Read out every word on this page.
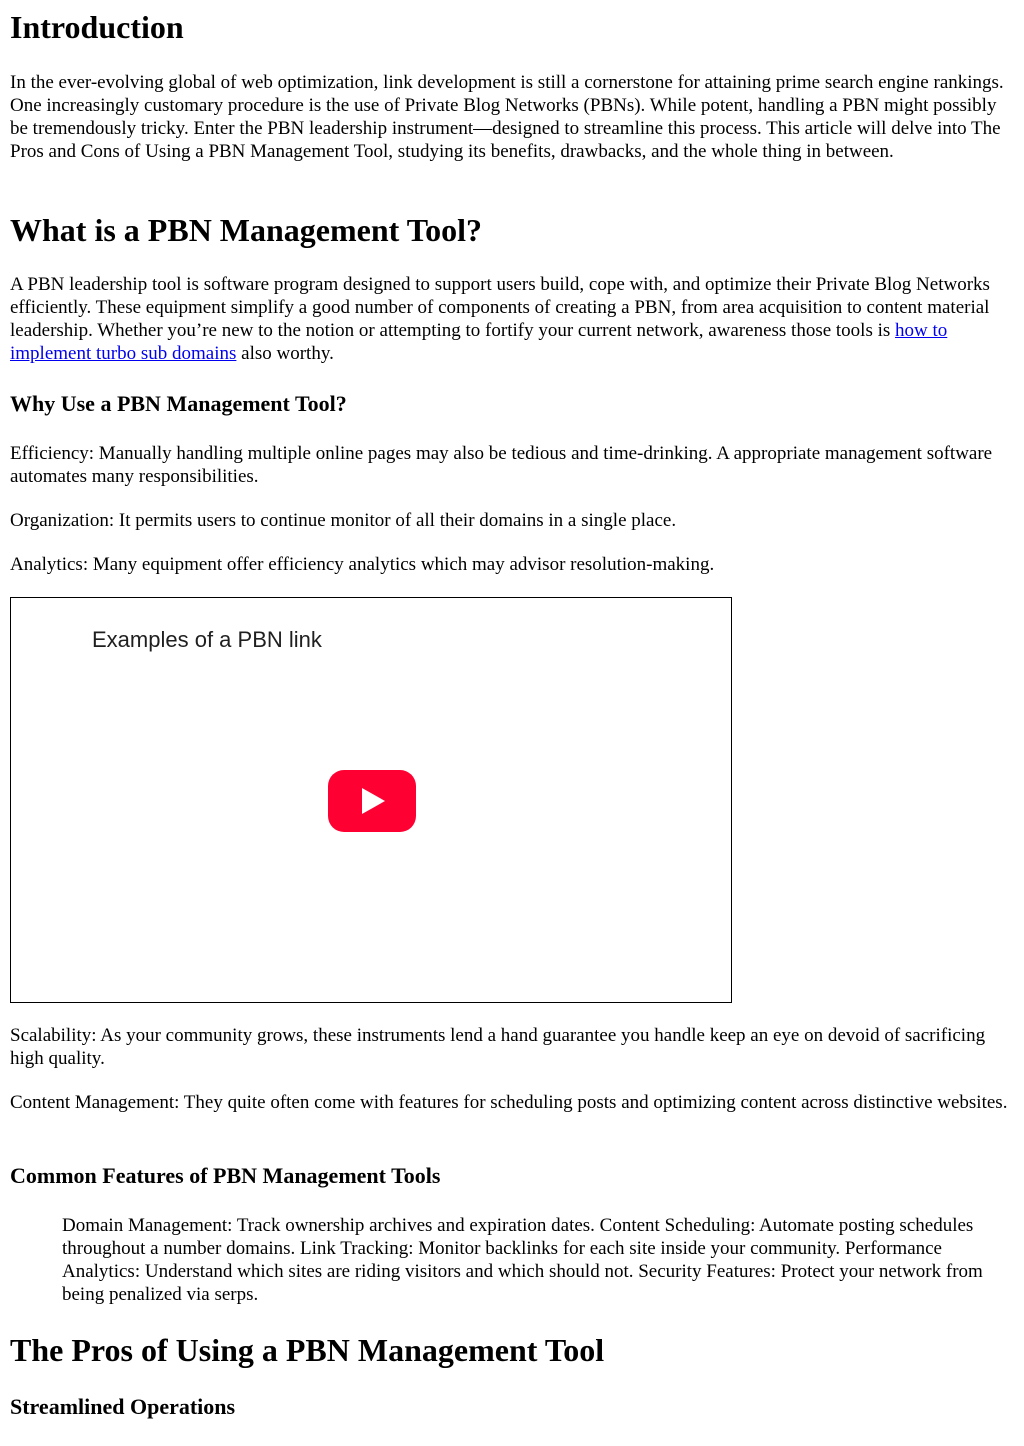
Introduction

In the ever-evolving global of web optimization, link development is still a cornerstone for attaining prime search engine rankings. One increasingly customary procedure is the use of Private Blog Networks (PBNs). While potent, handling a PBN might possibly be tremendously tricky. Enter the PBN leadership instrument—designed to streamline this process. This article will delve into The Pros and Cons of Using a PBN Management Tool, studying its benefits, drawbacks, and the whole thing in between.

What is a PBN Management Tool?

A PBN leadership tool is software program designed to support users build, cope with, and optimize their Private Blog Networks efficiently. These equipment simplify a good number of components of creating a PBN, from area acquisition to content material leadership. Whether you’re new to the notion or attempting to fortify your current network, awareness those tools is how to implement turbo sub domains also worthy.

Why Use a PBN Management Tool?

Efficiency: Manually handling multiple online pages may also be tedious and time-drinking. A appropriate management software automates many responsibilities.

Organization: It permits users to continue monitor of all their domains in a single place.

Analytics: Many equipment offer efficiency analytics which may advisor resolution-making.

Examples of a PBN link

Scalability: As your community grows, these instruments lend a hand guarantee you handle keep an eye on devoid of sacrificing high quality.

Content Management: They quite often come with features for scheduling posts and optimizing content across distinctive websites.

Common Features of PBN Management Tools

Domain Management: Track ownership archives and expiration dates. Content Scheduling: Automate posting schedules throughout a number domains. Link Tracking: Monitor backlinks for each site inside your community. Performance Analytics: Understand which sites are riding visitors and which should not. Security Features: Protect your network from being penalized via serps.

The Pros of Using a PBN Management Tool
Streamlined Operations
